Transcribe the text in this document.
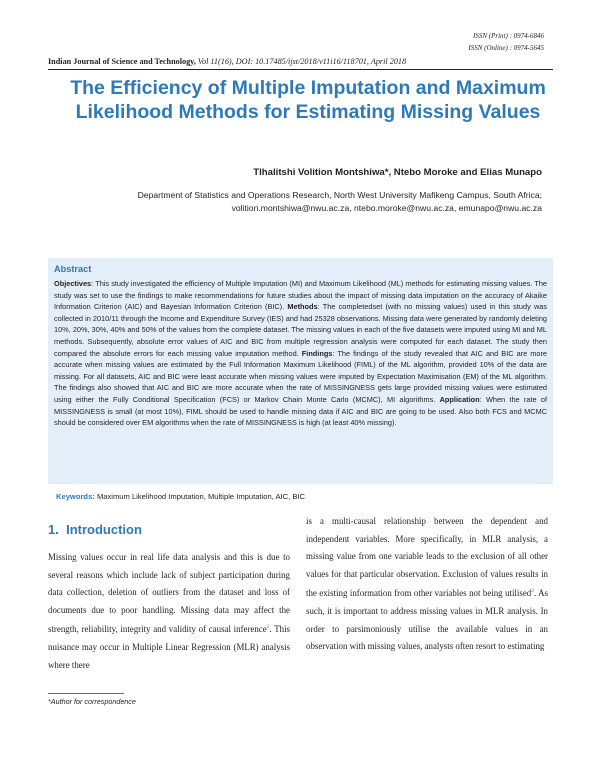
ISSN (Print) : 0974-6846
ISSN (Online) : 0974-5645
Indian Journal of Science and Technology, Vol 11(16), DOI: 10.17485/ijst/2018/v11i16/118701, April 2018
The Efficiency of Multiple Imputation and Maximum Likelihood Methods for Estimating Missing Values
Tlhalitshi Volition Montshiwa*, Ntebo Moroke and Elias Munapo
Department of Statistics and Operations Research, North West University Mafikeng Campus, South Africa;
volition.montshiwa@nwu.ac.za, ntebo.moroke@nwu.ac.za, emunapo@nwu.ac.za
Abstract

Objectives: This study investigated the efficiency of Multiple Imputation (MI) and Maximum Likelihood (ML) methods for estimating missing values. The study was set to use the findings to make recommendations for future studies about the impact of missing data imputation on the accuracy of Akaike Information Criterion (AIC) and Bayesian Information Criterion (BIC). Methods: The completedset (with no missing values) used in this study was collected in 2010/11 through the Income and Expenditure Survey (IES) and had 25328 observations. Missing data were generated by randomly deleting 10%, 20%, 30%, 40% and 50% of the values from the complete dataset. The missing values in each of the five datasets were imputed using MI and ML methods. Subsequently, absolute error values of AIC and BIC from multiple regression analysis were computed for each dataset. The study then compared the absolute errors for each missing value imputation method. Findings: The findings of the study revealed that AIC and BIC are more accurate when missing values are estimated by the Full Information Maximum Likelihood (FIML) of the ML algorithm, provided 10% of the data are missing. For all datasets, AIC and BIC were least accurate when missing values were imputed by Expectation Maximisation (EM) of the ML algorithm. The findings also showed that AIC and BIC are more accurate when the rate of MISSINGNESS gets large provided missing values were estimated using either the Fully Conditional Specification (FCS) or Markov Chain Monte Carlo (MCMC), MI algorithms. Application: When the rate of MISSINGNESS is small (at most 10%), FIML should be used to handle missing data if AIC and BIC are going to be used. Also both FCS and MCMC should be considered over EM algorithms when the rate of MISSINGNESS is high (at least 40% missing).

Keywords: Maximum Likelihood Imputation, Multiple Imputation, AIC, BIC
1. Introduction

Missing values occur in real life data analysis and this is due to several reasons which include lack of subject participation during data collection, deletion of outliers from the dataset and loss of documents due to poor handling. Missing data may affect the strength, reliability, integrity and validity of causal inference$^1$. This nuisance may occur in Multiple Linear Regression (MLR) analysis where there

is a multi-causal relationship between the dependent and independent variables. More specifically, in MLR analysis, a missing value from one variable leads to the exclusion of all other values for that particular observation. Exclusion of values results in the existing information from other variables not being utilised$^2$. As such, it is important to address missing values in MLR analysis. In order to parsimoniously utilise the available values in an observation with missing values, analysts often resort to estimating

*Author for correspondence
